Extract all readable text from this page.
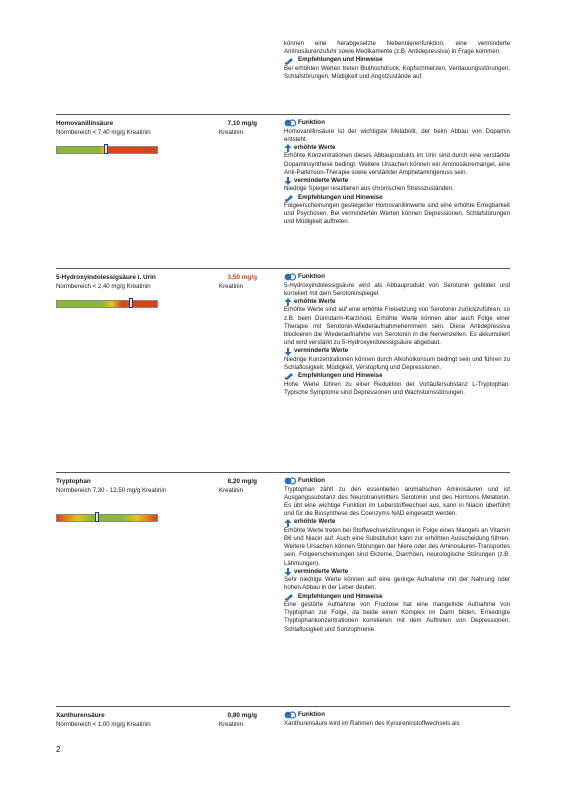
können eine herabgesetzte Nebennierenfunktion, eine verminderte Aminosäurenzufuhr sowie Medikamente (z.B. Antidepressiva) in Frage kommen.

Empfehlungen und Hinweise

Bei erhöhten Werten treten Bluthochdruck, Kopfschmerzen, Verdauungsstörungen, Schlafstörungen, Müdigkeit und Angstzustände auf.

Homovanillinsäure	7,10 mg/g
Normbereich < 7,40 mg/g Kreatinin	Kreatinin
Funktion

Homovanillinsäure ist der wichtigste Metabolit, der beim Abbau von Dopamin entsteht.

erhöhte Werte

Erhöhte Konzentrationen dieses Abbauprodukts im Urin sind durch eine verstärkte Dopaminsynthese bedingt. Weitere Ursachen können ein Aminosäuremangel, eine Anti-Parkinson-Therapie sowie verstärkter Amphetamingenuss sein.

verminderte Werte

Niedrige Spiegel resultieren aus chronischen Stresszuständen.

Empfehlungen und Hinweise

Folgeerscheinungen gesteigerter Homovanillinwerte sind eine erhöhte Erregbarkeit und Psychosen. Bei verminderten Werten können Depressionen, Schlafstörungen und Müdigkeit auftreten.

5-Hydroxyindolessigsäure i. Urin	3,50 mg/g
Normbereich < 2,40 mg/g Kreatinin	Kreatinin
Funktion

5-Hydroxyindolessigsäure wird als Abbauprodukt von Serotonin gebildet und korreliert mit dem Serotoninspiegel.

erhöhte Werte

Erhöhte Werte sind auf eine erhöhte Freisetzung von Serotonin zurückzuführen, so z.B. beim Dünndarm-Karzinoid. Erhöhte Werte können aber auch Folge einer Therapie mit Serotonin-Wiederaufnahmehemmern sein. Diese Antidepressiva blockieren die Wiederaufnahme von Serotonin in die Nervenzellen. Es akkumuliert und wird verstärkt zu 5-Hydroxyindolessigsäure abgebaut.

verminderte Werte

Niedrige Konzentrationen können durch Alkoholkonsum bedingt sein und führen zu Schlaflosigkeit, Müdigkeit, Verstopfung und Depressionen.

Empfehlungen und Hinweise

Hohe Werte führen zu einer Reduktion der Vorläufersubstanz L-Tryptophan. Typische Symptome sind Depressionen und Wachstumsstörungen.

Tryptophan	8,20 mg/g
Normbereich 7,30 - 12,50 mg/g Kreatinin	Kreatinin
Funktion

Tryptophan zählt zu den essentiellen aromatischen Aminosäuren und ist Ausgangssubstanz des Neurotransmitters Serotonin und des Hormons Melatonin. Es übt eine wichtige Funktion im Leberstoffwechsel aus, kann in Niacin überführt und für die Biosynthese des Coenzyms NAD eingesetzt werden.

erhöhte Werte

Erhöhte Werte treten bei Stoffwechselstörungen in Folge eines Mangels an Vitamin B6 und Niacin auf. Auch eine Substitution kann zur erhöhten Ausscheidung führen. Weitere Ursachen können Störungen der Niere oder des Aminosäuren-Transportes sein. Folgeerscheinungen sind Ekzeme, Diarrhöen, neurologische Störungen (z.B. Lähmungen).

verminderte Werte

Sehr niedrige Werte können auf eine geringe Aufnahme mit der Nahrung oder hohen Abbau in der Leber deuten.

Empfehlungen und Hinweise

Eine gestörte Aufnahme von Fructose hat eine mangelnde Aufnahme von Tryptophan zur Folge, da beide einen Komplex im Darm bilden. Erniedrigte Tryptophankonzentrationen korrelieren mit dem Auftreten von Depressionen, Schlaflosigkeit und Sonzophrenie.

Xanthurensäure	0,80 mg/g
Normbereich < 1,00 mg/g Kreatinin	Kreatinin
Funktion

Xanthurensäure wird im Rahmen des Kynureninstoffwechsels als

2
